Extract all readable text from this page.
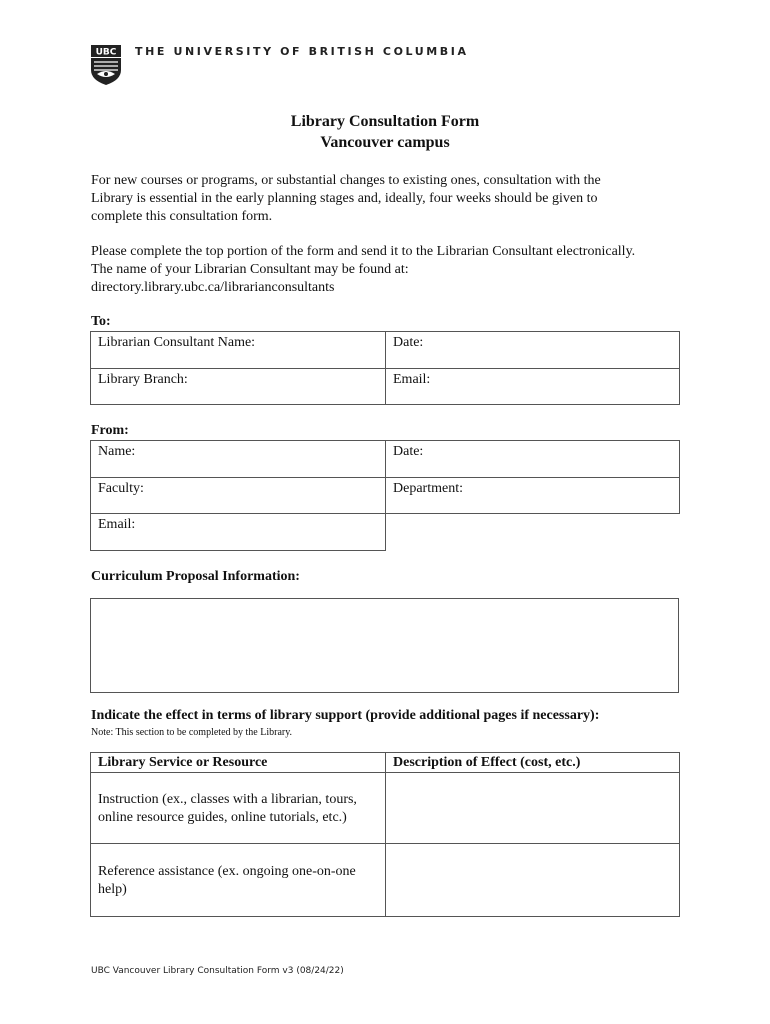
UBC THE UNIVERSITY OF BRITISH COLUMBIA
Library Consultation Form
Vancouver campus
For new courses or programs, or substantial changes to existing ones, consultation with the
Library is essential in the early planning stages and, ideally, four weeks should be given to
complete this consultation form.
Please complete the top portion of the form and send it to the Librarian Consultant electronically.
The name of your Librarian Consultant may be found at:
directory.library.ubc.ca/librarianconsultants
To:
Librarian Consultant Name:	Date:
Library Branch:	Email:
From:
Name:	Date:
Faculty:	Department:
Email:	
Curriculum Proposal Information:
Indicate the effect in terms of library support (provide additional pages if necessary):
Note: This section to be completed by the Library.
Library Service or Resource	Description of Effect (cost, etc.)

Instruction (ex., classes with a librarian, tours,
online resource guides, online tutorials, etc.)	

Reference assistance (ex. ongoing one-on-one
help)	

UBC Vancouver Library Consultation Form v3 (08/24/22)
